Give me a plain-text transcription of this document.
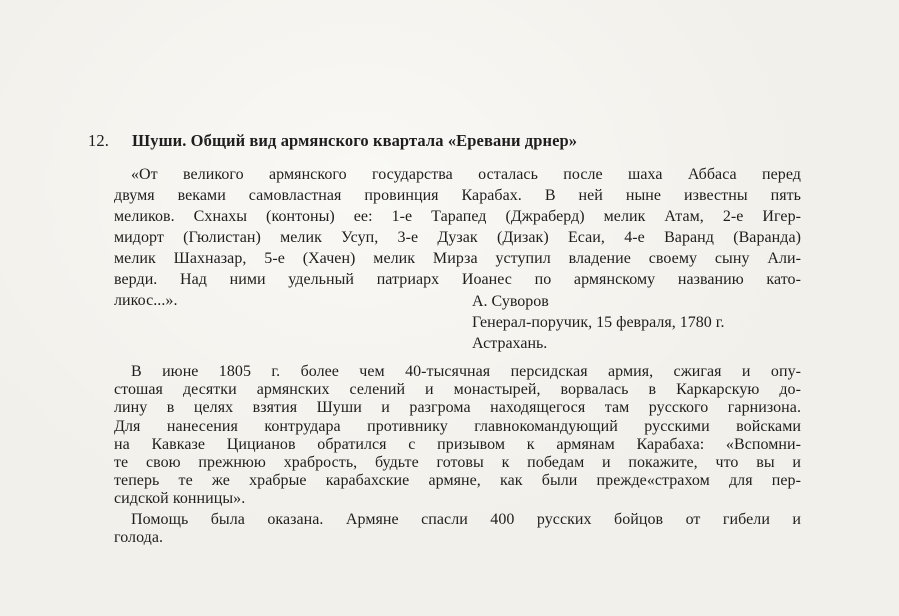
12. Шуши. Общий вид армянского квартала «Еревани дрнер»
«От великого армянского государства осталась после шаха Аббаса перед
двумя веками самовластная провинция Карабах. В ней ныне известны пять
меликов. Схнахы (контоны) ее: 1-е Тарапед (Джраберд) мелик Атам, 2-е Игер-
мидорт (Гюлистан) мелик Усуп, 3-е Дузак (Дизак) Есаи, 4-е Варанд (Варанда)
мелик Шахназар, 5-е (Хачен) мелик Мирза уступил владение своему сыну Али-
верди. Над ними удельный патриарх Иоанес по армянскому названию като-
ликос...».	А. Суворов
Генерал-поручик, 15 февраля, 1780 г.
Астрахань.
В июне 1805 г. более чем 40-тысячная персидская армия, сжигая и опу-
стошая десятки армянских селений и монастырей, ворвалась в Каркарскую до-
лину в целях взятия Шуши и разгрома находящегося там русского гарнизона.
Для нанесения контрудара противнику главнокомандующий русскими войсками
на Кавказе Цицианов обратился с призывом к армянам Карабаха: «Вспомни-
те свою прежнюю храбрость, будьте готовы к победам и покажите, что вы и
теперь те же храбрые карабахские армяне, как были прежде«страхом для пер-
сидской конницы».
Помощь была оказана. Армяне спасли 400 русских бойцов от гибели и
голода.
